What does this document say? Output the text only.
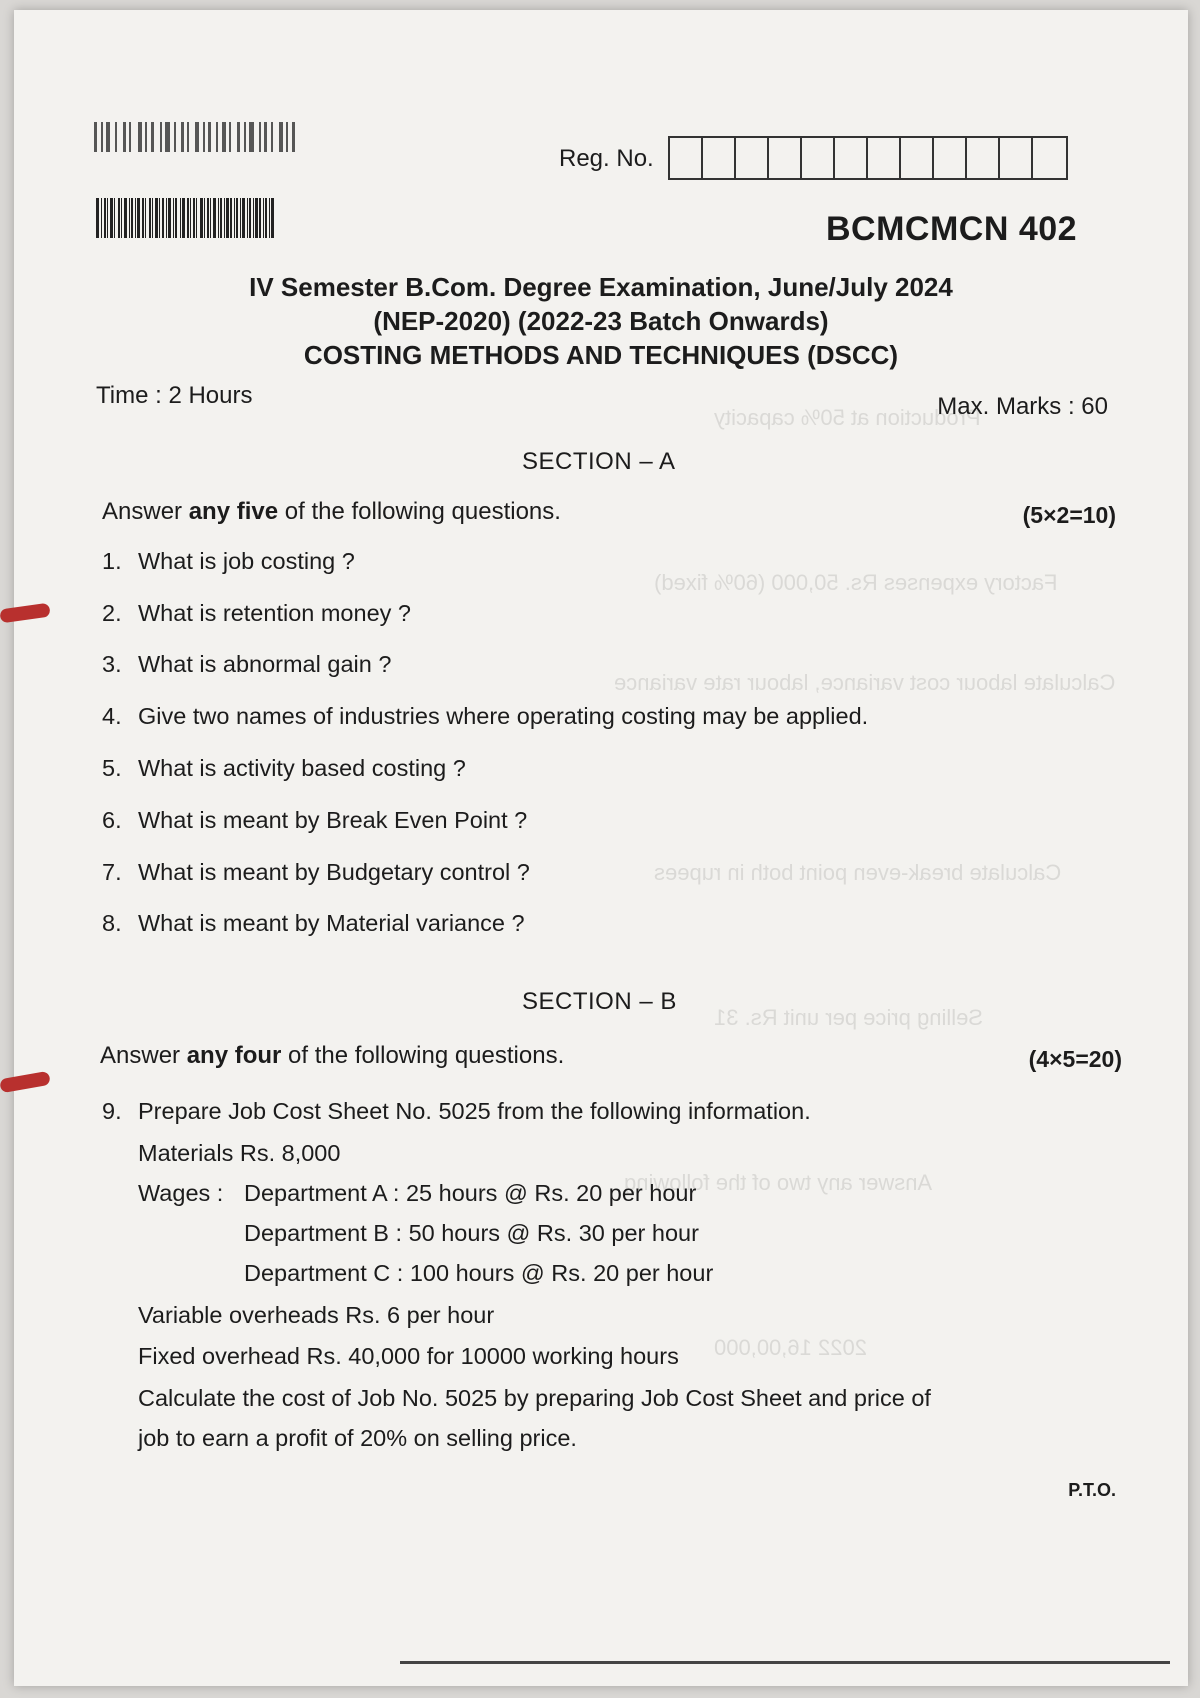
Production at 50% capacity
Factory expenses Rs. 50,000 (60% fixed)
Calculate labour cost variance, labour rate variance
Calculate break-even point both in rupees
Selling price per unit Rs. 31
Answer any two of the following
2022 16,00,000
Reg. No.
BCMCMCN 402
IV Semester B.Com. Degree Examination, June/July 2024
(NEP-2020) (2022-23 Batch Onwards)
COSTING METHODS AND TECHNIQUES (DSCC)
Time : 2 Hours	Max. Marks : 60
SECTION – A
Answer any five of the following questions.	(5×2=10)
1. What is job costing ?
2. What is retention money ?
3. What is abnormal gain ?
4. Give two names of industries where operating costing may be applied.
5. What is activity based costing ?
6. What is meant by Break Even Point ?
7. What is meant by Budgetary control ?
8. What is meant by Material variance ?
SECTION – B
Answer any four of the following questions.	(4×5=20)
9. Prepare Job Cost Sheet No. 5025 from the following information.
Materials Rs. 8,000
Wages : Department A : 25 hours @ Rs. 20 per hour
Department B : 50 hours @ Rs. 30 per hour
Department C : 100 hours @ Rs. 20 per hour
Variable overheads Rs. 6 per hour
Fixed overhead Rs. 40,000 for 10000 working hours
Calculate the cost of Job No. 5025 by preparing Job Cost Sheet and price of
job to earn a profit of 20% on selling price.
P.T.O.
